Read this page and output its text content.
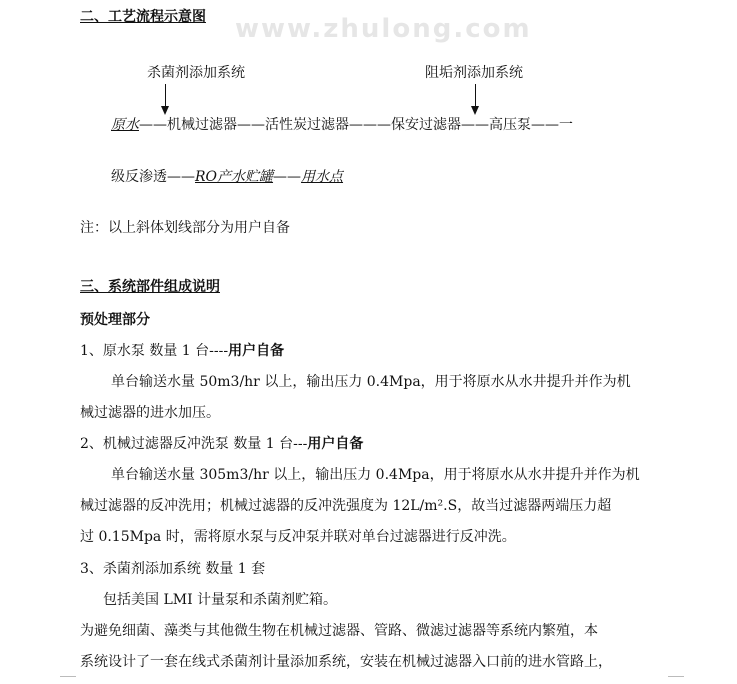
www.zhulong.com
二、工艺流程示意图
杀菌剂添加系统	阻垢剂添加系统
原水——机械过滤器——活性炭过滤器———保安过滤器——高压泵——一
级反渗透——RO产水贮罐——用水点
注：以上斜体划线部分为用户自备
三、系统部件组成说明
预处理部分
1、原水泵 数量 1 台----用户自备
单台输送水量 50m3/hr 以上，输出压力 0.4Mpa，用于将原水从水井提升并作为机
械过滤器的进水加压。
2、机械过滤器反冲洗泵 数量 1 台---用户自备
单台输送水量 305m3/hr 以上，输出压力 0.4Mpa，用于将原水从水井提升并作为机
械过滤器的反冲洗用；机械过滤器的反冲洗强度为 12L/m².S，故当过滤器两端压力超
过 0.15Mpa 时，需将原水泵与反冲泵并联对单台过滤器进行反冲洗。
3、杀菌剂添加系统 数量 1 套
包括美国 LMI 计量泵和杀菌剂贮箱。
为避免细菌、藻类与其他微生物在机械过滤器、管路、微滤过滤器等系统内繁殖，本
系统设计了一套在线式杀菌剂计量添加系统，安装在机械过滤器入口前的进水管路上，
